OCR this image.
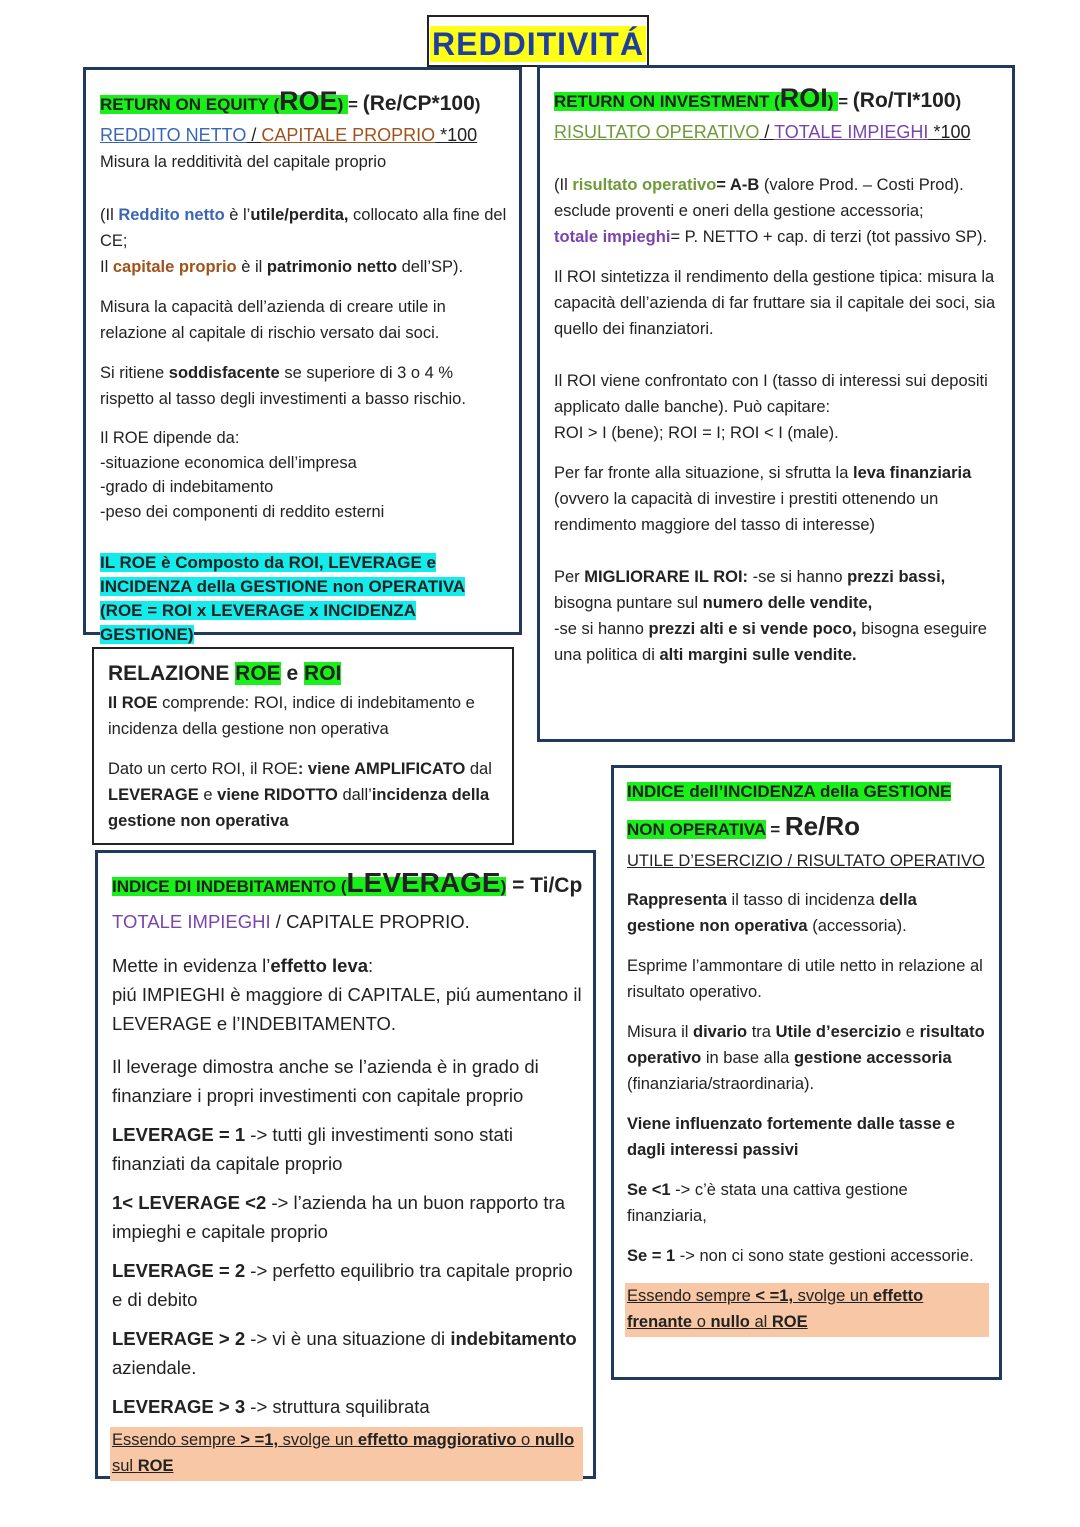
REDDITIVITÁ
RETURN ON EQUITY (ROE) = (Re/CP*100)

REDDITO NETTO / CAPITALE PROPRIO *100

Misura la redditività del capitale proprio

(Il Reddito netto è l’utile/perdita, collocato alla fine del CE;
Il capitale proprio è il patrimonio netto dell’SP).

Misura la capacità dell’azienda di creare utile in relazione al capitale di rischio versato dai soci.

Si ritiene soddisfacente se superiore di 3 o 4 % rispetto al tasso degli investimenti a basso rischio.

Il ROE dipende da:
-situazione economica dell’impresa
-grado di indebitamento
-peso dei componenti di reddito esterni

IL ROE è Composto da ROI, LEVERAGE e INCIDENZA della GESTIONE non OPERATIVA (ROE = ROI x LEVERAGE x INCIDENZA GESTIONE)

RETURN ON INVESTMENT (ROI) = (Ro/TI*100)

RISULTATO OPERATIVO / TOTALE IMPIEGHI *100

(Il risultato operativo= A-B (valore Prod. – Costi Prod). esclude proventi e oneri della gestione accessoria;
totale impieghi= P. NETTO + cap. di terzi (tot passivo SP).

Il ROI sintetizza il rendimento della gestione tipica: misura la capacità dell’azienda di far fruttare sia il capitale dei soci, sia quello dei finanziatori.

Il ROI viene confrontato con I (tasso di interessi sui depositi applicato dalle banche). Può capitare:
ROI > I (bene); ROI = I; ROI < I (male).

Per far fronte alla situazione, si sfrutta la leva finanziaria (ovvero la capacità di investire i prestiti ottenendo un rendimento maggiore del tasso di interesse)

Per MIGLIORARE IL ROI: -se si hanno prezzi bassi, bisogna puntare sul numero delle vendite,
-se si hanno prezzi alti e si vende poco, bisogna eseguire una politica di alti margini sulle vendite.

RELAZIONE ROE e ROI

Il ROE comprende: ROI, indice di indebitamento e incidenza della gestione non operativa

Dato un certo ROI, il ROE: viene AMPLIFICATO dal LEVERAGE e viene RIDOTTO dall’incidenza della gestione non operativa

INDICE DI INDEBITAMENTO (LEVERAGE) = Ti/Cp

TOTALE IMPIEGHI / CAPITALE PROPRIO.

Mette in evidenza l’effetto leva:
piú IMPIEGHI è maggiore di CAPITALE, piú aumentano il LEVERAGE e l’INDEBITAMENTO.

Il leverage dimostra anche se l’azienda è in grado di finanziare i propri investimenti con capitale proprio

LEVERAGE = 1 -> tutti gli investimenti sono stati finanziati da capitale proprio

1< LEVERAGE <2 -> l’azienda ha un buon rapporto tra impieghi e capitale proprio

LEVERAGE = 2 -> perfetto equilibrio tra capitale proprio e di debito

LEVERAGE > 2 -> vi è una situazione di indebitamento aziendale.

LEVERAGE > 3 -> struttura squilibrata

Essendo sempre > =1, svolge un effetto maggiorativo o nullo sul ROE
INDICE dell’INCIDENZA della GESTIONE
NON OPERATIVA = Re/Ro

UTILE D’ESERCIZIO / RISULTATO OPERATIVO

Rappresenta il tasso di incidenza della gestione non operativa (accessoria).

Esprime l’ammontare di utile netto in relazione al risultato operativo.

Misura il divario tra Utile d’esercizio e risultato operativo in base alla gestione accessoria (finanziaria/straordinaria).

Viene influenzato fortemente dalle tasse e dagli interessi passivi

Se <1 -> c’è stata una cattiva gestione finanziaria,

Se = 1 -> non ci sono state gestioni accessorie.

Essendo sempre < =1, svolge un effetto frenante o nullo al ROE
